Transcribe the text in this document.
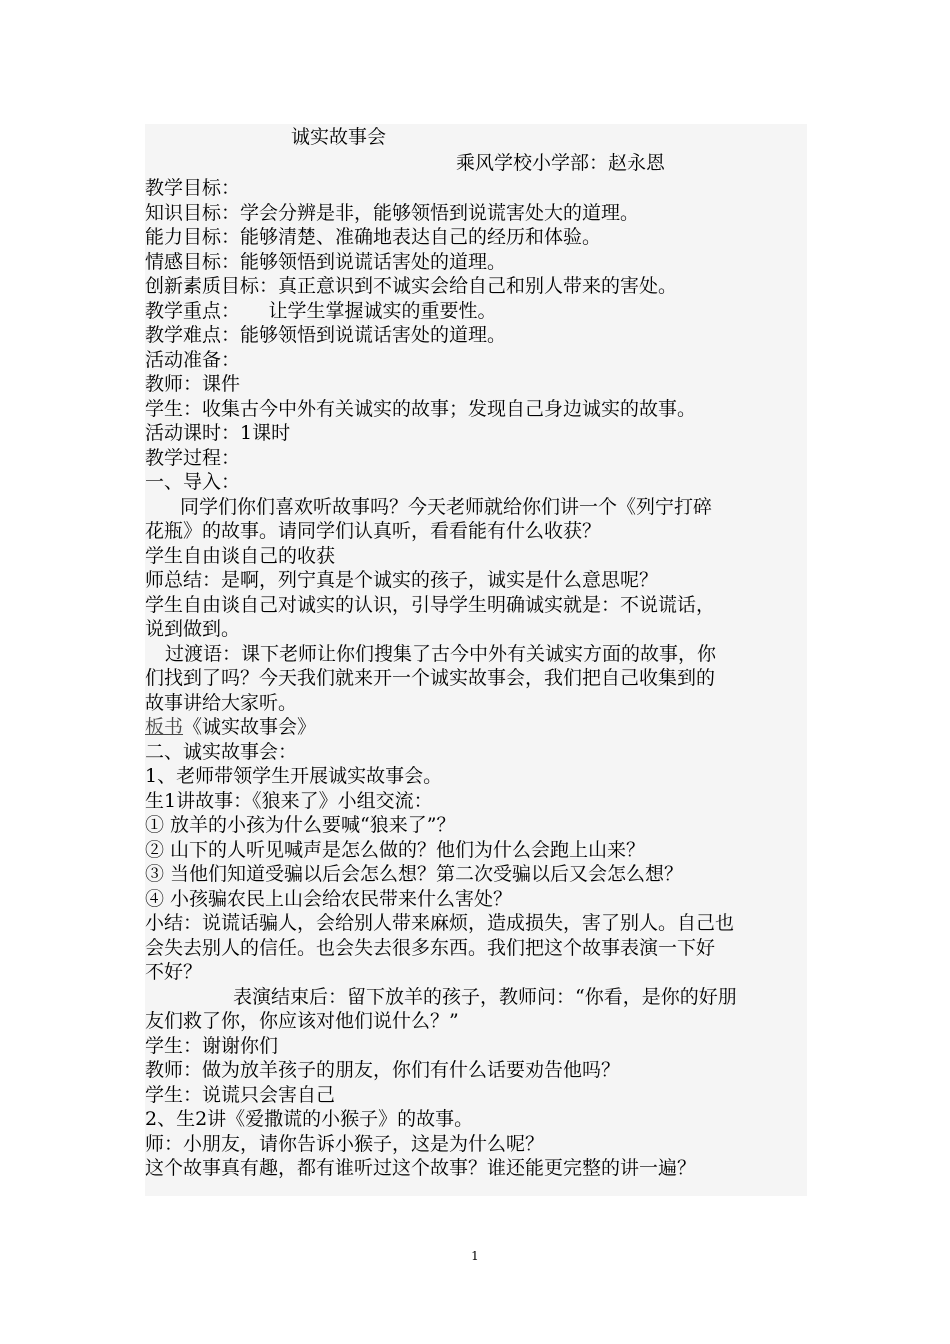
诚实故事会
乘风学校小学部：赵永恩
教学目标：
知识目标：学会分辨是非，能够领悟到说谎害处大的道理。
能力目标：能够清楚、准确地表达自己的经历和体验。
情感目标：能够领悟到说谎话害处的道理。
创新素质目标：真正意识到不诚实会给自己和别人带来的害处。
教学重点：　　让学生掌握诚实的重要性。
教学难点：能够领悟到说谎话害处的道理。
活动准备：
教师：课件
学生：收集古今中外有关诚实的故事；发现自己身边诚实的故事。
活动课时：1课时
教学过程：
一、导入：
同学们你们喜欢听故事吗？今天老师就给你们讲一个《列宁打碎
花瓶》的故事。请同学们认真听，看看能有什么收获？
学生自由谈自己的收获
师总结：是啊，列宁真是个诚实的孩子，诚实是什么意思呢？
学生自由谈自己对诚实的认识，引导学生明确诚实就是：不说谎话，
说到做到。
过渡语：课下老师让你们搜集了古今中外有关诚实方面的故事，你
们找到了吗？今天我们就来开一个诚实故事会，我们把自己收集到的
故事讲给大家听。
板书《诚实故事会》
二、诚实故事会：
1、老师带领学生开展诚实故事会。
生1讲故事：《狼来了》小组交流：
① 放羊的小孩为什么要喊“狼来了”？
② 山下的人听见喊声是怎么做的？他们为什么会跑上山来？
③ 当他们知道受骗以后会怎么想？第二次受骗以后又会怎么想？
④ 小孩骗农民上山会给农民带来什么害处？
小结：说谎话骗人，会给别人带来麻烦，造成损失，害了别人。自己也
会失去别人的信任。也会失去很多东西。我们把这个故事表演一下好
不好？
表演结束后：留下放羊的孩子，教师问：“你看，是你的好朋
友们救了你，你应该对他们说什么？”
学生：谢谢你们
教师：做为放羊孩子的朋友，你们有什么话要劝告他吗？
学生：说谎只会害自己
2、生2讲《爱撒谎的小猴子》的故事。
师：小朋友，请你告诉小猴子，这是为什么呢？
这个故事真有趣，都有谁听过这个故事？谁还能更完整的讲一遍？
1
